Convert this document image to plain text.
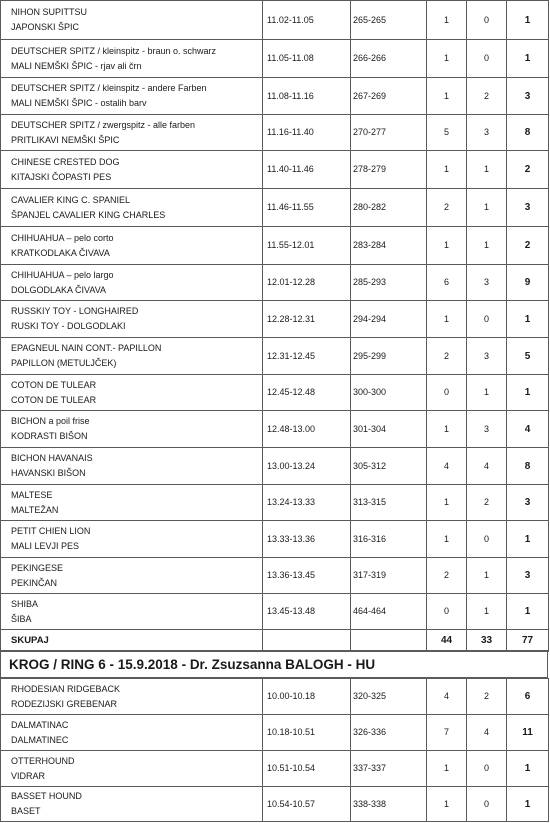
NIHON SUPITTSU
JAPONSKI ŠPIC	11.02-11.05	265-265	1	0	1

DEUTSCHER SPITZ / kleinspitz - braun o. schwarz
MALI NEMŠKI ŠPIC - rjav ali črn	11.05-11.08	266-266	1	0	1

DEUTSCHER SPITZ / kleinspitz - andere Farben
MALI NEMŠKI ŠPIC - ostalih barv	11.08-11.16	267-269	1	2	3

DEUTSCHER SPITZ / zwergspitz - alle farben
PRITLIKAVI NEMŠKI ŠPIC	11.16-11.40	270-277	5	3	8

CHINESE CRESTED DOG
KITAJSKI ČOPASTI PES	11.40-11.46	278-279	1	1	2

CAVALIER KING C. SPANIEL
ŠPANJEL CAVALIER KING CHARLES	11.46-11.55	280-282	2	1	3

CHIHUAHUA – pelo corto
KRATKODLAKA ČIVAVA	11.55-12.01	283-284	1	1	2

CHIHUAHUA – pelo largo
DOLGODLAKA ČIVAVA	12.01-12.28	285-293	6	3	9

RUSSKIY TOY - LONGHAIRED
RUSKI TOY - DOLGODLAKI	12.28-12.31	294-294	1	0	1

EPAGNEUL NAIN CONT.- PAPILLON
PAPILLON (METULJČEK)	12.31-12.45	295-299	2	3	5

COTON DE TULEAR
COTON DE TULEAR	12.45-12.48	300-300	0	1	1

BICHON a poil frise
KODRASTI BIŠON	12.48-13.00	301-304	1	3	4

BICHON HAVANAIS
HAVANSKI BIŠON	13.00-13.24	305-312	4	4	8

MALTESE
MALTEŽAN	13.24-13.33	313-315	1	2	3

PETIT CHIEN LION
MALI LEVJI PES	13.33-13.36	316-316	1	0	1

PEKINGESE
PEKINČAN	13.36-13.45	317-319	2	1	3

SHIBA
ŠIBA	13.45-13.48	464-464	0	1	1
SKUPAJ			44	33	77
KROG / RING 6 - 15.9.2018 - Dr. Zsuzsanna BALOGH - HU
RHODESIAN RIDGEBACK
RODEZIJSKI GREBENAR	10.00-10.18	320-325	4	2	6

DALMATINAC
DALMATINEC	10.18-10.51	326-336	7	4	11

OTTERHOUND
VIDRAR	10.51-10.54	337-337	1	0	1

BASSET HOUND
BASET	10.54-10.57	338-338	1	0	1
